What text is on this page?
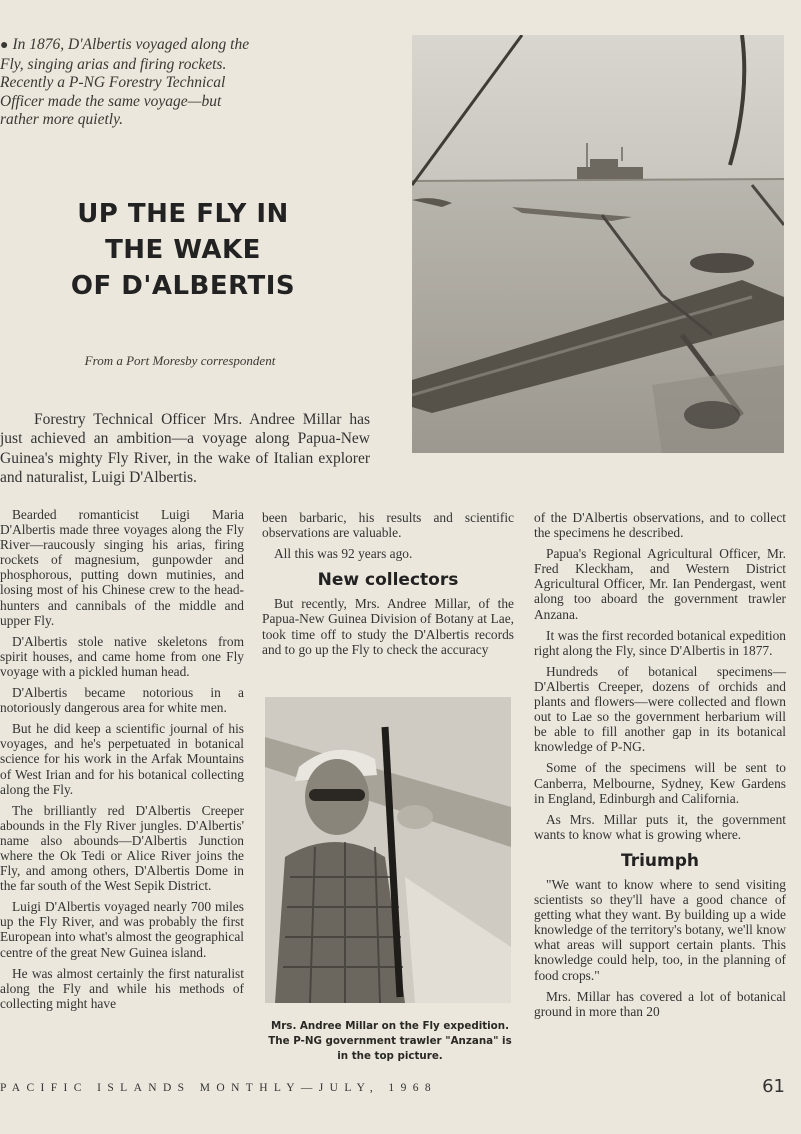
● In 1876, D'Albertis voyaged along the Fly, singing arias and firing rockets. Recently a P-NG Forestry Technical Officer made the same voyage—but rather more quietly.
UP THE FLY IN
THE WAKE
OF D'ALBERTIS
From a Port Moresby correspondent

Forestry Technical Officer Mrs. Andree Millar has just achieved an ambition—a voyage along Papua-New Guinea's mighty Fly River, in the wake of Italian explorer and naturalist, Luigi D'Albertis.

Bearded romanticist Luigi Maria D'Albertis made three voyages along the Fly River—raucously singing his arias, firing rockets of magnesium, gunpowder and phosphorous, putting down mutinies, and losing most of his Chinese crew to the head-hunters and cannibals of the middle and upper Fly.

D'Albertis stole native skeletons from spirit houses, and came home from one Fly voyage with a pickled human head.

D'Albertis became notorious in a notoriously dangerous area for white men.

But he did keep a scientific journal of his voyages, and he's perpetuated in botanical science for his work in the Arfak Mountains of West Irian and for his botanical collecting along the Fly.

The brilliantly red D'Albertis Creeper abounds in the Fly River jungles. D'Albertis' name also abounds—D'Albertis Junction where the Ok Tedi or Alice River joins the Fly, and among others, D'Albertis Dome in the far south of the West Sepik District.

Luigi D'Albertis voyaged nearly 700 miles up the Fly River, and was probably the first European into what's almost the geographical centre of the great New Guinea island.

He was almost certainly the first naturalist along the Fly and while his methods of collecting might have

been barbaric, his results and scientific observations are valuable.

All this was 92 years ago.

New collectors

But recently, Mrs. Andree Millar, of the Papua-New Guinea Division of Botany at Lae, took time off to study the D'Albertis records and to go up the Fly to check the accuracy

Mrs. Andree Millar on the Fly expedition. The P-NG government trawler "Anzana" is in the top picture.

of the D'Albertis observations, and to collect the specimens he described.

Papua's Regional Agricultural Officer, Mr. Fred Kleckham, and Western District Agricultural Officer, Mr. Ian Pendergast, went along too aboard the government trawler Anzana.

It was the first recorded botanical expedition right along the Fly, since D'Albertis in 1877.

Hundreds of botanical specimens—D'Albertis Creeper, dozens of orchids and plants and flowers—were collected and flown out to Lae so the government herbarium will be able to fill another gap in its botanical knowledge of P-NG.

Some of the specimens will be sent to Canberra, Melbourne, Sydney, Kew Gardens in England, Edinburgh and California.

As Mrs. Millar puts it, the government wants to know what is growing where.

Triumph

"We want to know where to send visiting scientists so they'll have a good chance of getting what they want. By building up a wide knowledge of the territory's botany, we'll know what areas will support certain plants. This knowledge could help, too, in the planning of food crops."

Mrs. Millar has covered a lot of botanical ground in more than 20

PACIFIC ISLANDS MONTHLY—JULY, 1968	61
